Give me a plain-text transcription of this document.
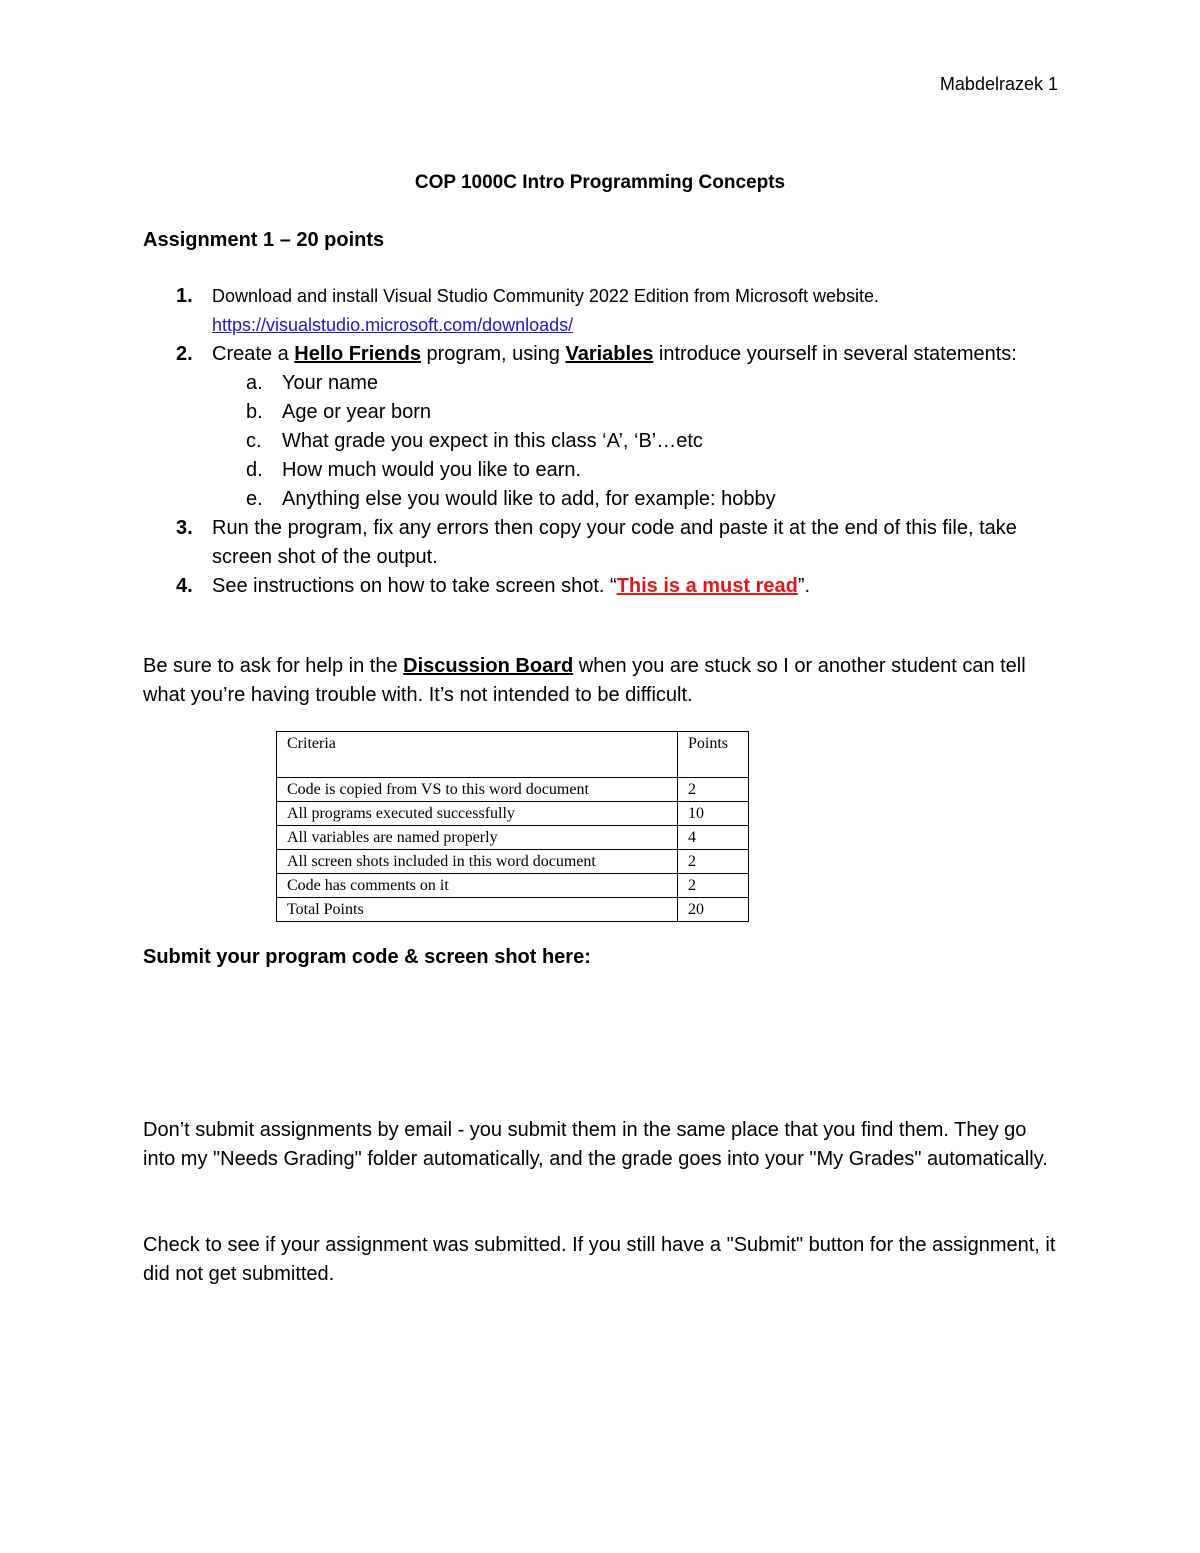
Mabdelrazek 1
COP 1000C Intro Programming Concepts
Assignment 1 – 20 points
1. Download and install Visual Studio Community 2022 Edition from Microsoft website.
https://visualstudio.microsoft.com/downloads/
2. Create a Hello Friends program, using Variables introduce yourself in several statements:
a. Your name
b. Age or year born
c. What grade you expect in this class ‘A’, ‘B’…etc
d. How much would you like to earn.
e. Anything else you would like to add, for example: hobby
3. Run the program, fix any errors then copy your code and paste it at the end of this file, take screen shot of the output.
4. See instructions on how to take screen shot. “This is a must read”.
Be sure to ask for help in the Discussion Board when you are stuck so I or another student can tell what you’re having trouble with. It’s not intended to be difficult.
Criteria	Points
Code is copied from VS to this word document	2
All programs executed successfully	10
All variables are named properly	4
All screen shots included in this word document	2
Code has comments on it	2
Total Points	20
Submit your program code & screen shot here:
Don’t submit assignments by email - you submit them in the same place that you find them. They go into my "Needs Grading" folder automatically, and the grade goes into your "My Grades" automatically.
Check to see if your assignment was submitted. If you still have a "Submit" button for the assignment, it did not get submitted.
